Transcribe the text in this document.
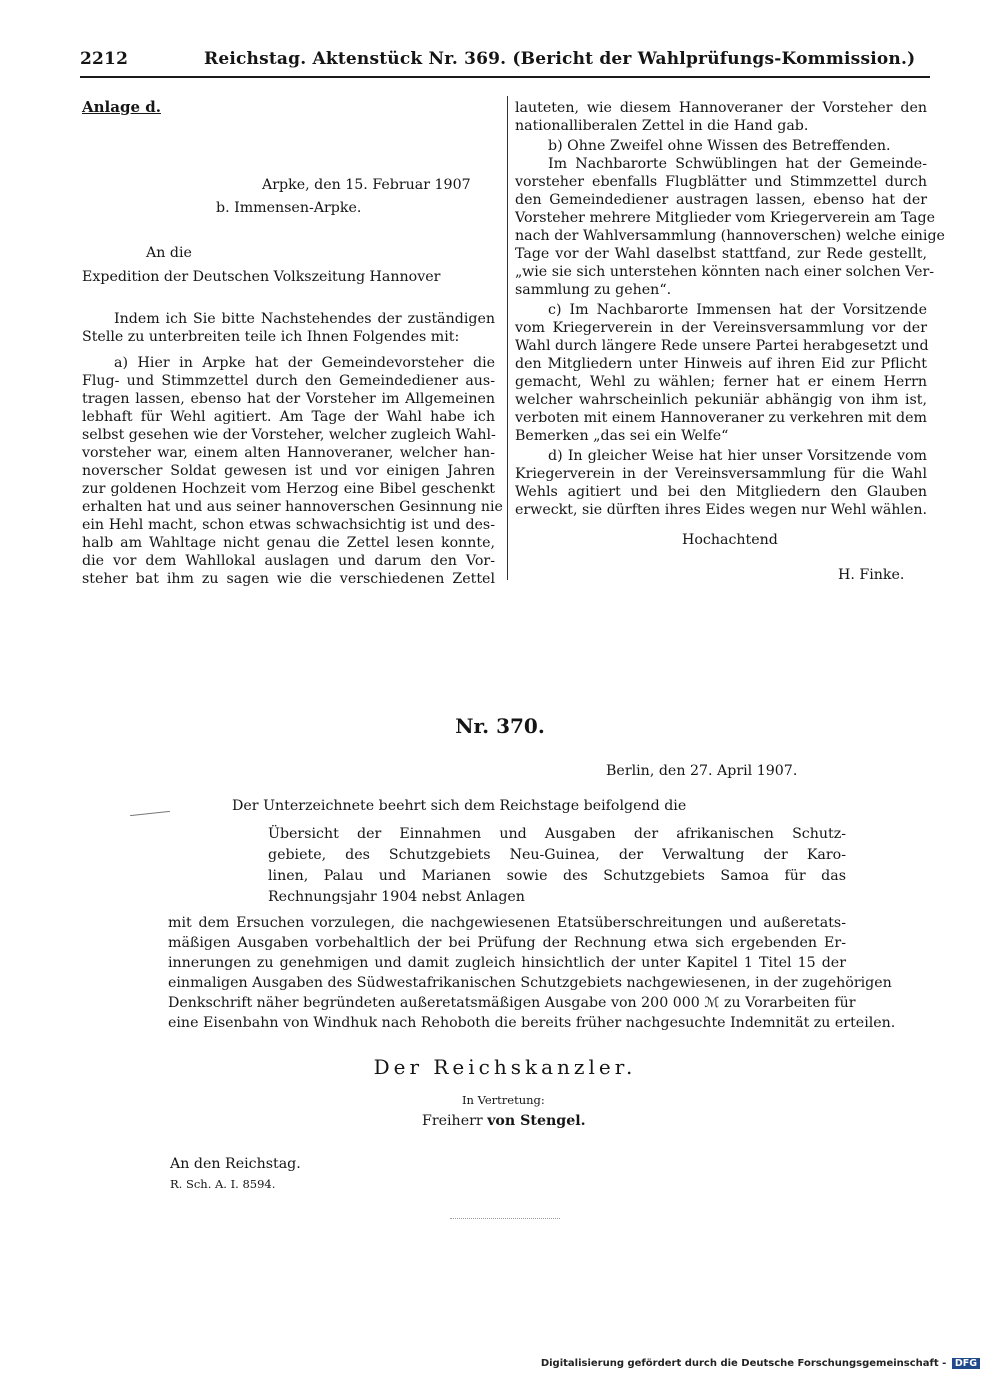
2212	Reichstag. Aktenstück Nr. 369. (Bericht der Wahlprüfungs-Kommission.)
Anlage d.
Arpke, den 15. Februar 1907
b. Immensen-Arpke.
An die
Expedition der Deutschen Volkszeitung Hannover
Indem ich Sie bitte Nachstehendes der zuständigen
Stelle zu unterbreiten teile ich Ihnen Folgendes mit:
a) Hier in Arpke hat der Gemeindevorsteher die
Flug- und Stimmzettel durch den Gemeindediener aus-
tragen lassen, ebenso hat der Vorsteher im Allgemeinen
lebhaft für Wehl agitiert. Am Tage der Wahl habe ich
selbst gesehen wie der Vorsteher, welcher zugleich Wahl-
vorsteher war, einem alten Hannoveraner, welcher han-
noverscher Soldat gewesen ist und vor einigen Jahren
zur goldenen Hochzeit vom Herzog eine Bibel geschenkt
erhalten hat und aus seiner hannoverschen Gesinnung nie
ein Hehl macht, schon etwas schwachsichtig ist und des-
halb am Wahltage nicht genau die Zettel lesen konnte,
die vor dem Wahllokal auslagen und darum den Vor-
steher bat ihm zu sagen wie die verschiedenen Zettel
lauteten, wie diesem Hannoveraner der Vorsteher den
nationalliberalen Zettel in die Hand gab.
b) Ohne Zweifel ohne Wissen des Betreffenden.
Im Nachbarorte Schwüblingen hat der Gemeinde-
vorsteher ebenfalls Flugblätter und Stimmzettel durch
den Gemeindediener austragen lassen, ebenso hat der
Vorsteher mehrere Mitglieder vom Kriegerverein am Tage
nach der Wahlversammlung (hannoverschen) welche einige
Tage vor der Wahl daselbst stattfand, zur Rede gestellt,
„wie sie sich unterstehen könnten nach einer solchen Ver-
sammlung zu gehen“.
c) Im Nachbarorte Immensen hat der Vorsitzende
vom Kriegerverein in der Vereinsversammlung vor der
Wahl durch längere Rede unsere Partei herabgesetzt und
den Mitgliedern unter Hinweis auf ihren Eid zur Pflicht
gemacht, Wehl zu wählen; ferner hat er einem Herrn
welcher wahrscheinlich pekuniär abhängig von ihm ist,
verboten mit einem Hannoveraner zu verkehren mit dem
Bemerken „das sei ein Welfe“
d) In gleicher Weise hat hier unser Vorsitzende vom
Kriegerverein in der Vereinsversammlung für die Wahl
Wehls agitiert und bei den Mitgliedern den Glauben
erweckt, sie dürften ihres Eides wegen nur Wehl wählen.
Hochachtend
H. Finke.
Nr. 370.
Berlin, den 27. April 1907.
Der Unterzeichnete beehrt sich dem Reichstage beifolgend die
Übersicht der Einnahmen und Ausgaben der afrikanischen Schutz-
gebiete, des Schutzgebiets Neu-Guinea, der Verwaltung der Karo-
linen, Palau und Marianen sowie des Schutzgebiets Samoa für das
Rechnungsjahr 1904 nebst Anlagen
mit dem Ersuchen vorzulegen, die nachgewiesenen Etatsüberschreitungen und außeretats-
mäßigen Ausgaben vorbehaltlich der bei Prüfung der Rechnung etwa sich ergebenden Er-
innerungen zu genehmigen und damit zugleich hinsichtlich der unter Kapitel 1 Titel 15 der
einmaligen Ausgaben des Südwestafrikanischen Schutzgebiets nachgewiesenen, in der zugehörigen
Denkschrift näher begründeten außeretatsmäßigen Ausgabe von 200 000 ℳ zu Vorarbeiten für
eine Eisenbahn von Windhuk nach Rehoboth die bereits früher nachgesuchte Indemnität zu erteilen.
Der Reichskanzler.
In Vertretung:
Freiherr von Stengel.
An den Reichstag.
R. Sch. A. I. 8594.
Digitalisierung gefördert durch die Deutsche Forschungsgemeinschaft - DFG
